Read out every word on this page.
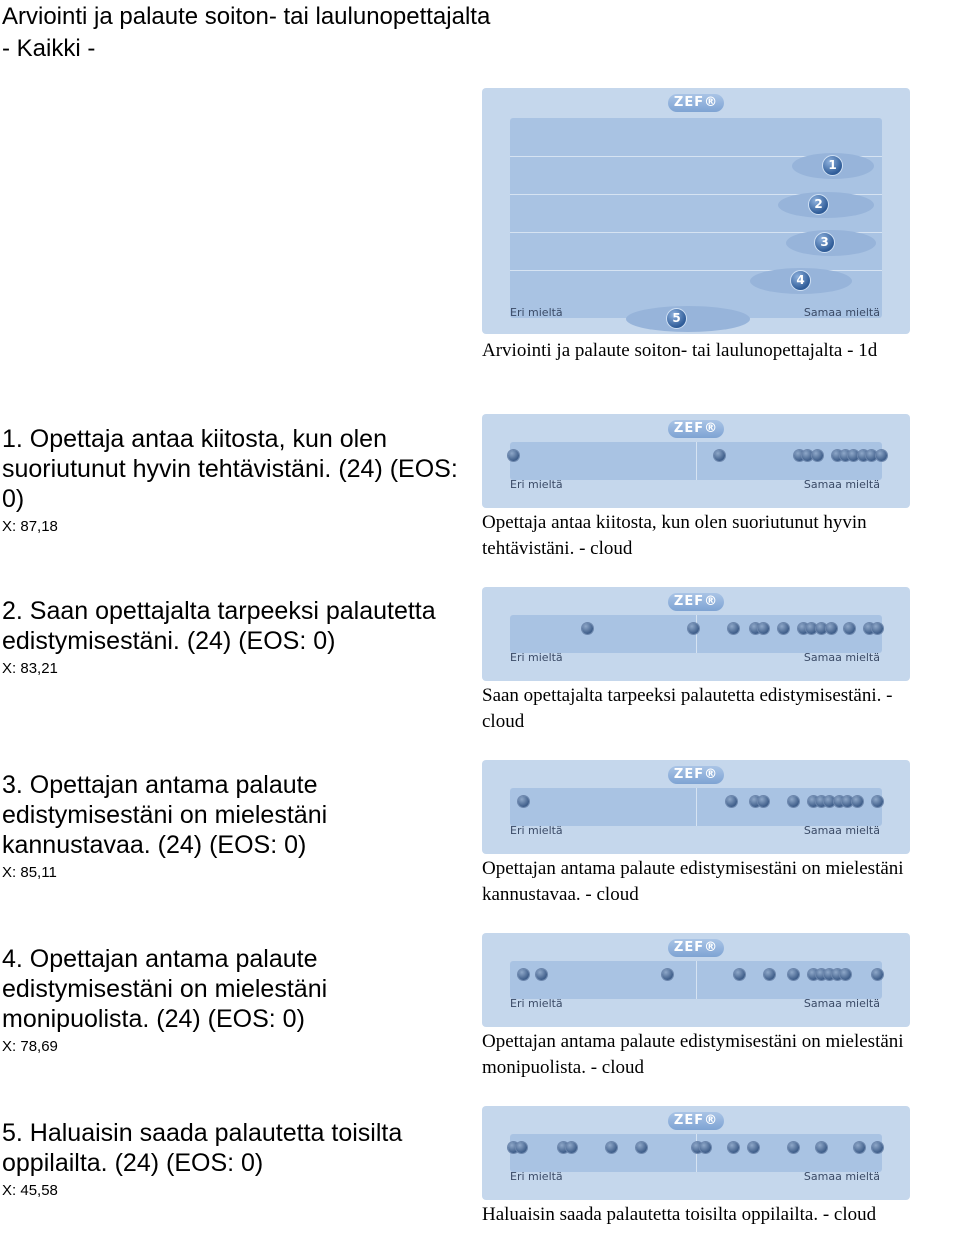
Arviointi ja palaute soiton- tai laulunopettajalta
- Kaikki -
ZEF®
1
2
3
4
5
Eri mieltä	Samaa mieltä
Arviointi ja palaute soiton- tai laulunopettajalta - 1d
1. Opettaja antaa kiitosta, kun olen suoriutunut hyvin tehtävistäni. (24) (EOS: 0)
X: 87,18
ZEF®
Eri mieltä	Samaa mieltä
Opettaja antaa kiitosta, kun olen suoriutunut hyvin tehtävistäni. - cloud
2. Saan opettajalta tarpeeksi palautetta edistymisestäni. (24) (EOS: 0)
X: 83,21
ZEF®
Eri mieltä	Samaa mieltä
Saan opettajalta tarpeeksi palautetta edistymisestäni. - cloud
3. Opettajan antama palaute edistymisestäni on mielestäni kannustavaa. (24) (EOS: 0)
X: 85,11
ZEF®
Eri mieltä	Samaa mieltä
Opettajan antama palaute edistymisestäni on mielestäni kannustavaa. - cloud
4. Opettajan antama palaute edistymisestäni on mielestäni monipuolista. (24) (EOS: 0)
X: 78,69
ZEF®
Eri mieltä	Samaa mieltä
Opettajan antama palaute edistymisestäni on mielestäni monipuolista. - cloud
5. Haluaisin saada palautetta toisilta oppilailta. (24) (EOS: 0)
X: 45,58
ZEF®
Eri mieltä	Samaa mieltä
Haluaisin saada palautetta toisilta oppilailta. - cloud
